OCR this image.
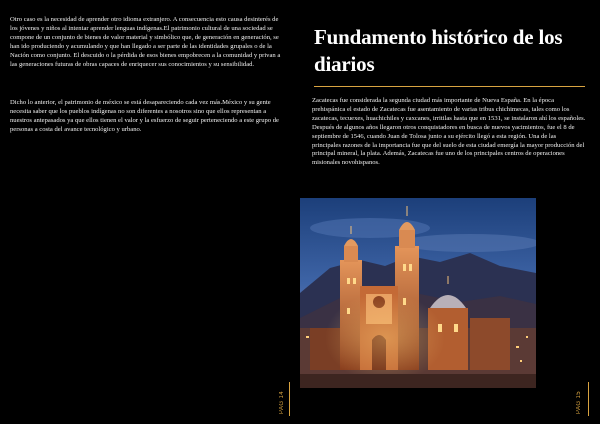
Otro caso es la necesidad de aprender otro idioma extranjero. A consecuencia esto causa desinterés de los jóvenes y niños al intentar aprender lenguas indígenas.El patrimonio cultural de una sociedad se compone de un conjunto de bienes de valor material y simbólico que, de generación en generación, se han ido produciendo y acumulando y que han llegado a ser parte de las identidades grupales o de la Nación como conjunto. El descuido o la pérdida de esos bienes empobrecen a la comunidad y privan a las generaciones futuras de obras capaces de enriquecer sus conocimientos y su sensibilidad.

Dicho lo anterior, el patrimonio de méxico se está desapareciendo cada vez más.México y su gente necesita saber que los pueblos indígenas no son diferentes a nosotros sino que ellos representan a nuestros antepasados ya que ellos tienen el valor y la esfuerzo de seguir perteneciendo a este grupo de personas a costa del avance tecnológico y urbano.

PAG 14
Fundamento histórico de los diarios

Zacatecas fue considerada la segunda ciudad más importante de Nueva España. En la época prehispánica el estado de Zacatecas fue asentamiento de varias tribus chichimecas, tales como los zacatecas, tecuexes, huachichiles y caxcanes, irritilas hasta que en 1531, se instalaron ahí los españoles. Después de algunos años llegaron otros conquistadores en busca de nuevos yacimientos, fue el 8 de septiembre de 1546, cuando Juan de Tolosa junto a su ejército llegó a esta región. Una de las principales razones de la importancia fue que del suelo de esta ciudad emergía la mayor producción del principal mineral, la plata. Además, Zacatecas fue uno de los principales centros de operaciones misionales novohispanos.

PAG 15
